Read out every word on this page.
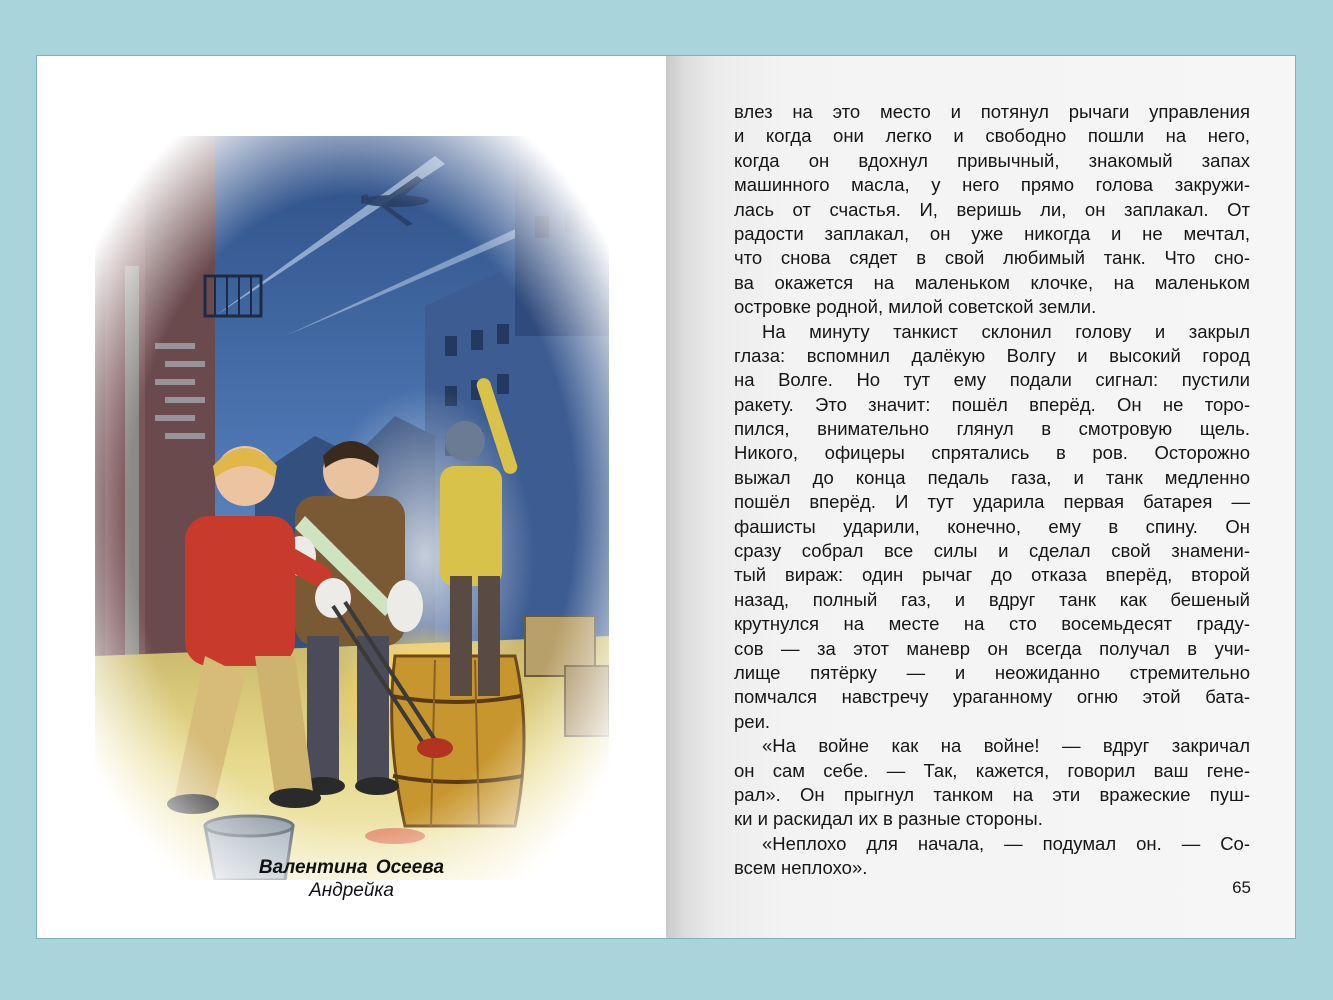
Валентина Осеева
Андрейка
влез на это место и потянул рычаги управления
и когда они легко и свободно пошли на него,
когда он вдохнул привычный, знакомый запах
машинного масла, у него прямо голова закружи-
лась от счастья. И, веришь ли, он заплакал. От
радости заплакал, он уже никогда и не мечтал,
что снова сядет в свой любимый танк. Что сно-
ва окажется на маленьком клочке, на маленьком
островке родной, милой советской земли.
На минуту танкист склонил голову и закрыл
глаза: вспомнил далёкую Волгу и высокий город
на Волге. Но тут ему подали сигнал: пустили
ракету. Это значит: пошёл вперёд. Он не торо-
пился, внимательно глянул в смотровую щель.
Никого, офицеры спрятались в ров. Осторожно
выжал до конца педаль газа, и танк медленно
пошёл вперёд. И тут ударила первая батарея —
фашисты ударили, конечно, ему в спину. Он
сразу собрал все силы и сделал свой знамени-
тый вираж: один рычаг до отказа вперёд, второй
назад, полный газ, и вдруг танк как бешеный
крутнулся на месте на сто восемьдесят граду-
сов — за этот маневр он всегда получал в учи-
лище пятёрку — и неожиданно стремительно
помчался навстречу ураганному огню этой бата-
реи.
«На войне как на войне! — вдруг закричал
он сам себе. — Так, кажется, говорил ваш гене-
рал». Он прыгнул танком на эти вражеские пуш-
ки и раскидал их в разные стороны.
«Неплохо для начала, — подумал он. — Со-
всем неплохо».
65
